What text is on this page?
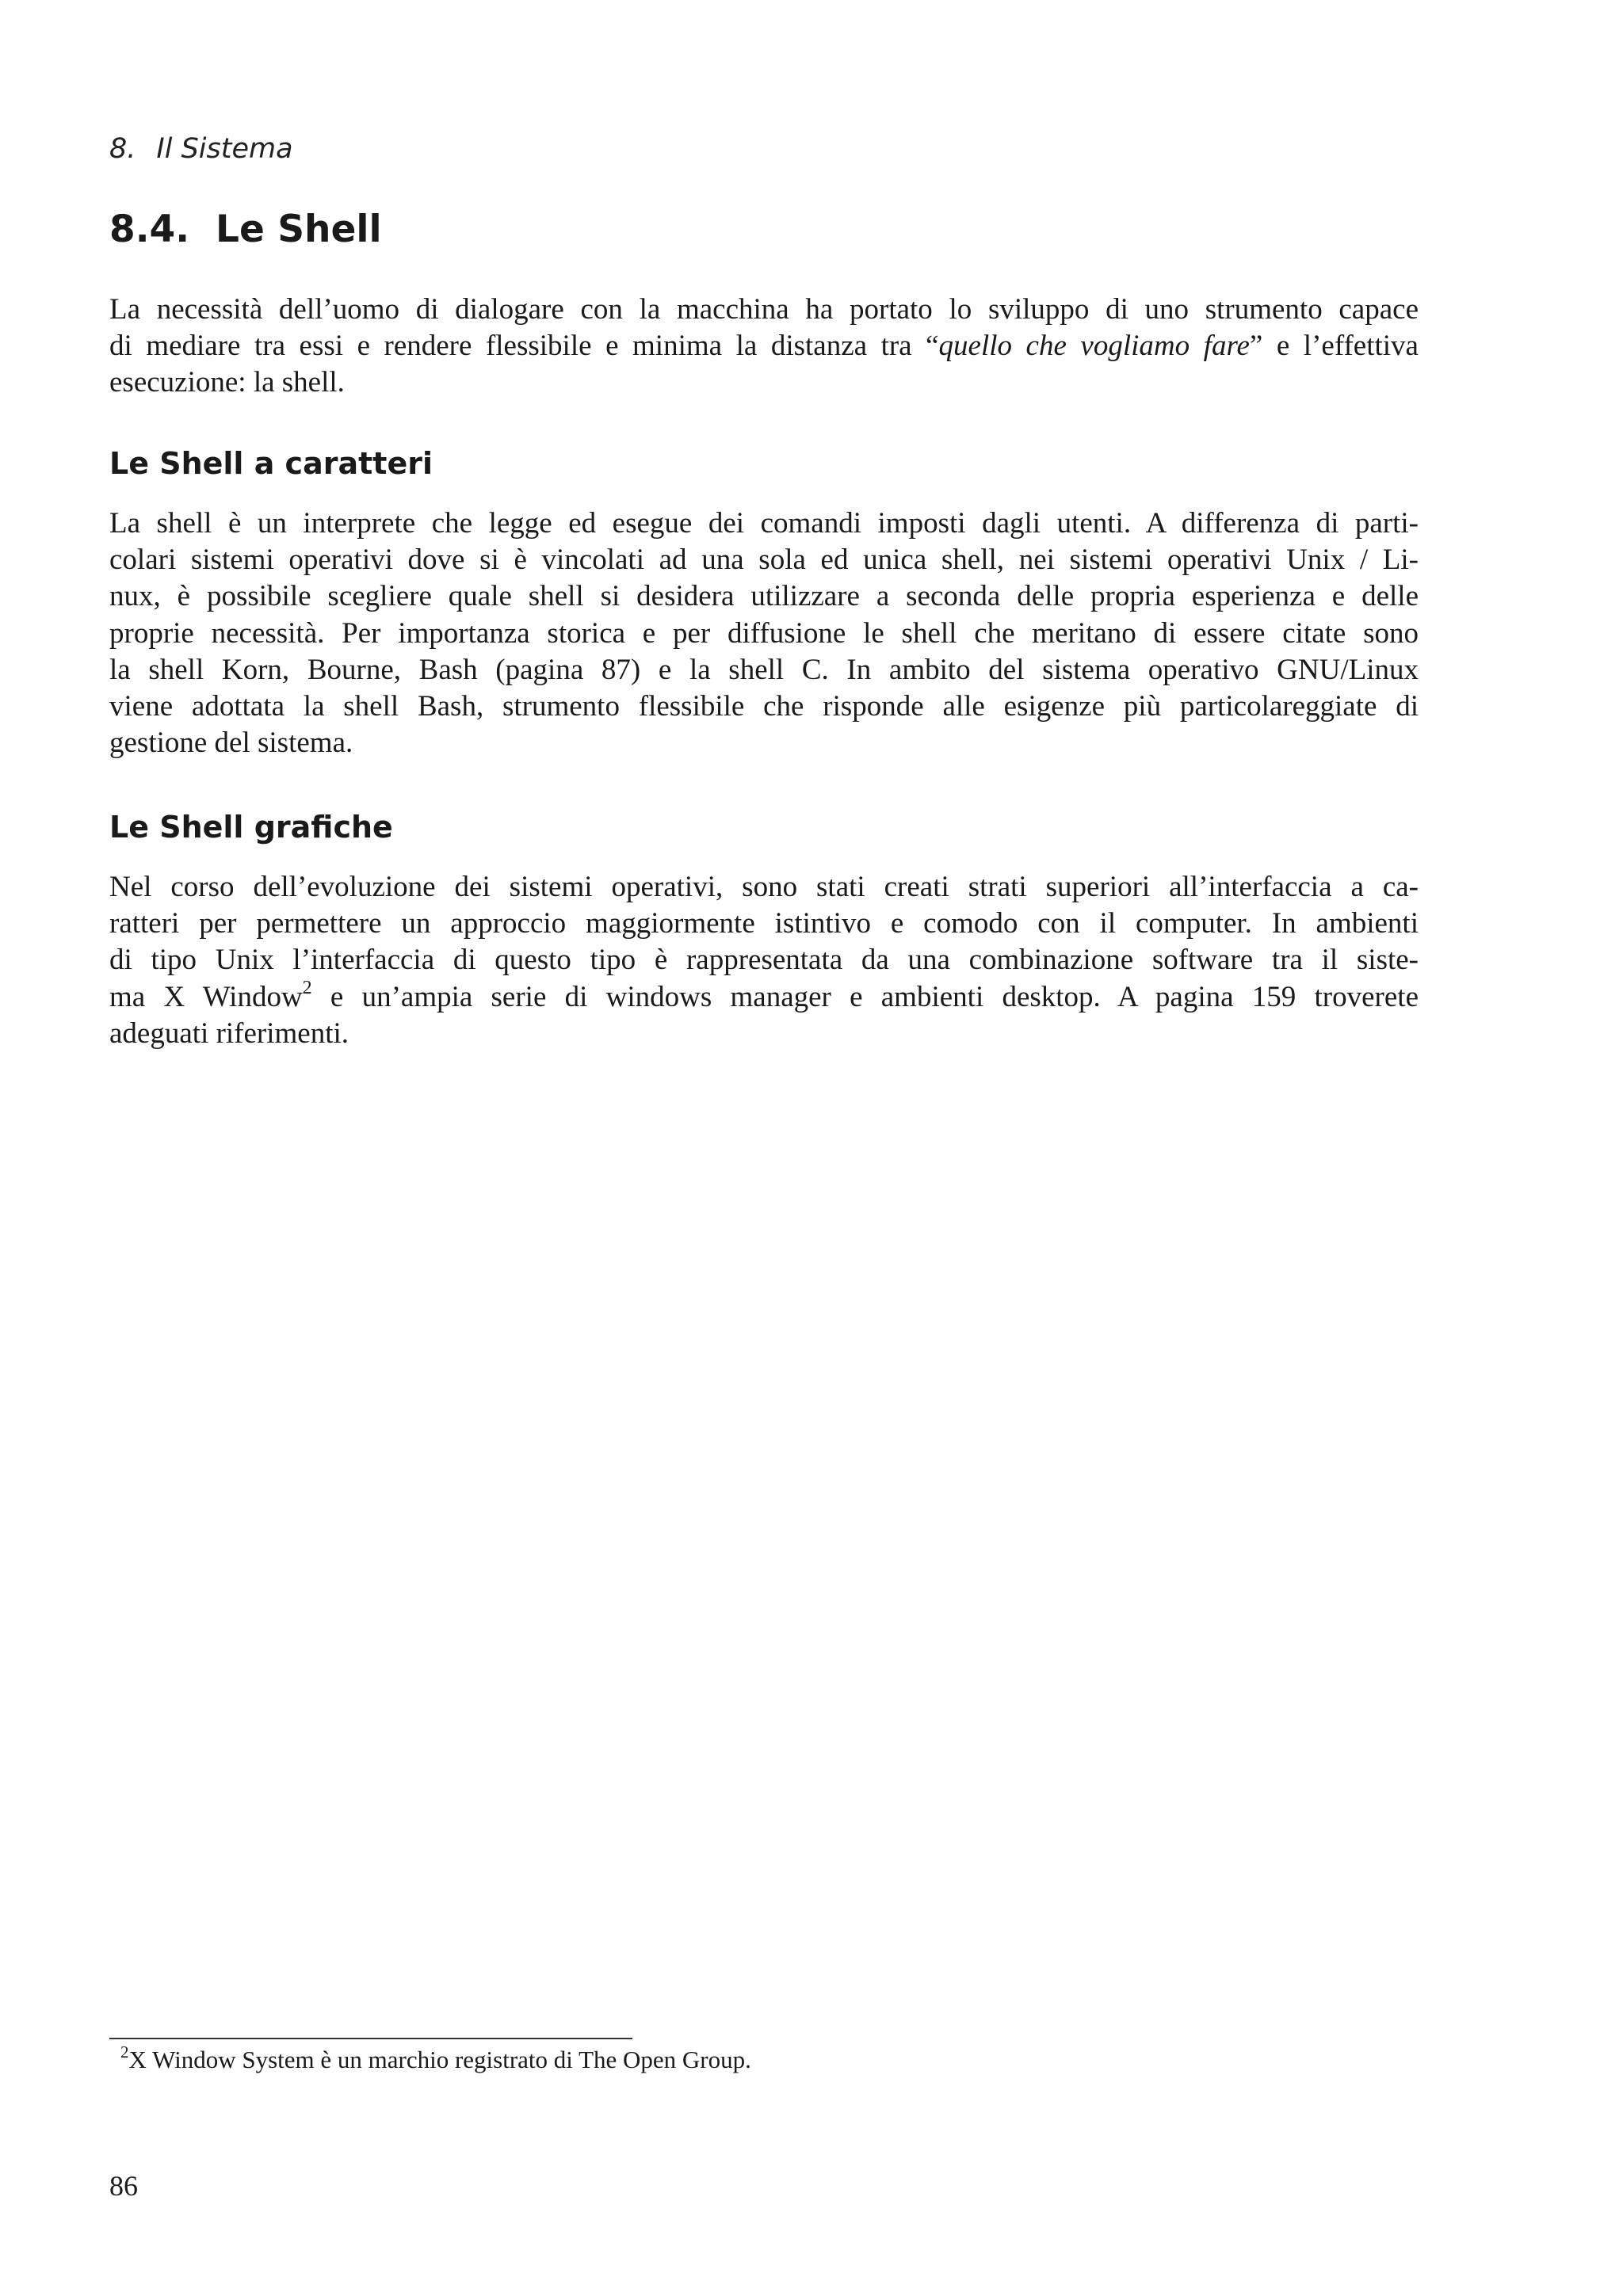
8. Il Sistema
8.4. Le Shell
La necessità dell’uomo di dialogare con la macchina ha portato lo sviluppo di uno strumento capace
di mediare tra essi e rendere flessibile e minima la distanza tra “quello che vogliamo fare” e l’effettiva
esecuzione: la shell.
Le Shell a caratteri
La shell è un interprete che legge ed esegue dei comandi imposti dagli utenti. A differenza di parti-
colari sistemi operativi dove si è vincolati ad una sola ed unica shell, nei sistemi operativi Unix / Li-
nux, è possibile scegliere quale shell si desidera utilizzare a seconda delle propria esperienza e delle
proprie necessità. Per importanza storica e per diffusione le shell che meritano di essere citate sono
la shell Korn, Bourne, Bash (pagina 87) e la shell C. In ambito del sistema operativo GNU/Linux
viene adottata la shell Bash, strumento flessibile che risponde alle esigenze più particolareggiate di
gestione del sistema.
Le Shell grafiche
Nel corso dell’evoluzione dei sistemi operativi, sono stati creati strati superiori all’interfaccia a ca-
ratteri per permettere un approccio maggiormente istintivo e comodo con il computer. In ambienti
di tipo Unix l’interfaccia di questo tipo è rappresentata da una combinazione software tra il siste-
ma X Window$^2$ e un’ampia serie di windows manager e ambienti desktop. A pagina 159 troverete
adeguati riferimenti.
$^2$X Window System è un marchio registrato di The Open Group.
86
